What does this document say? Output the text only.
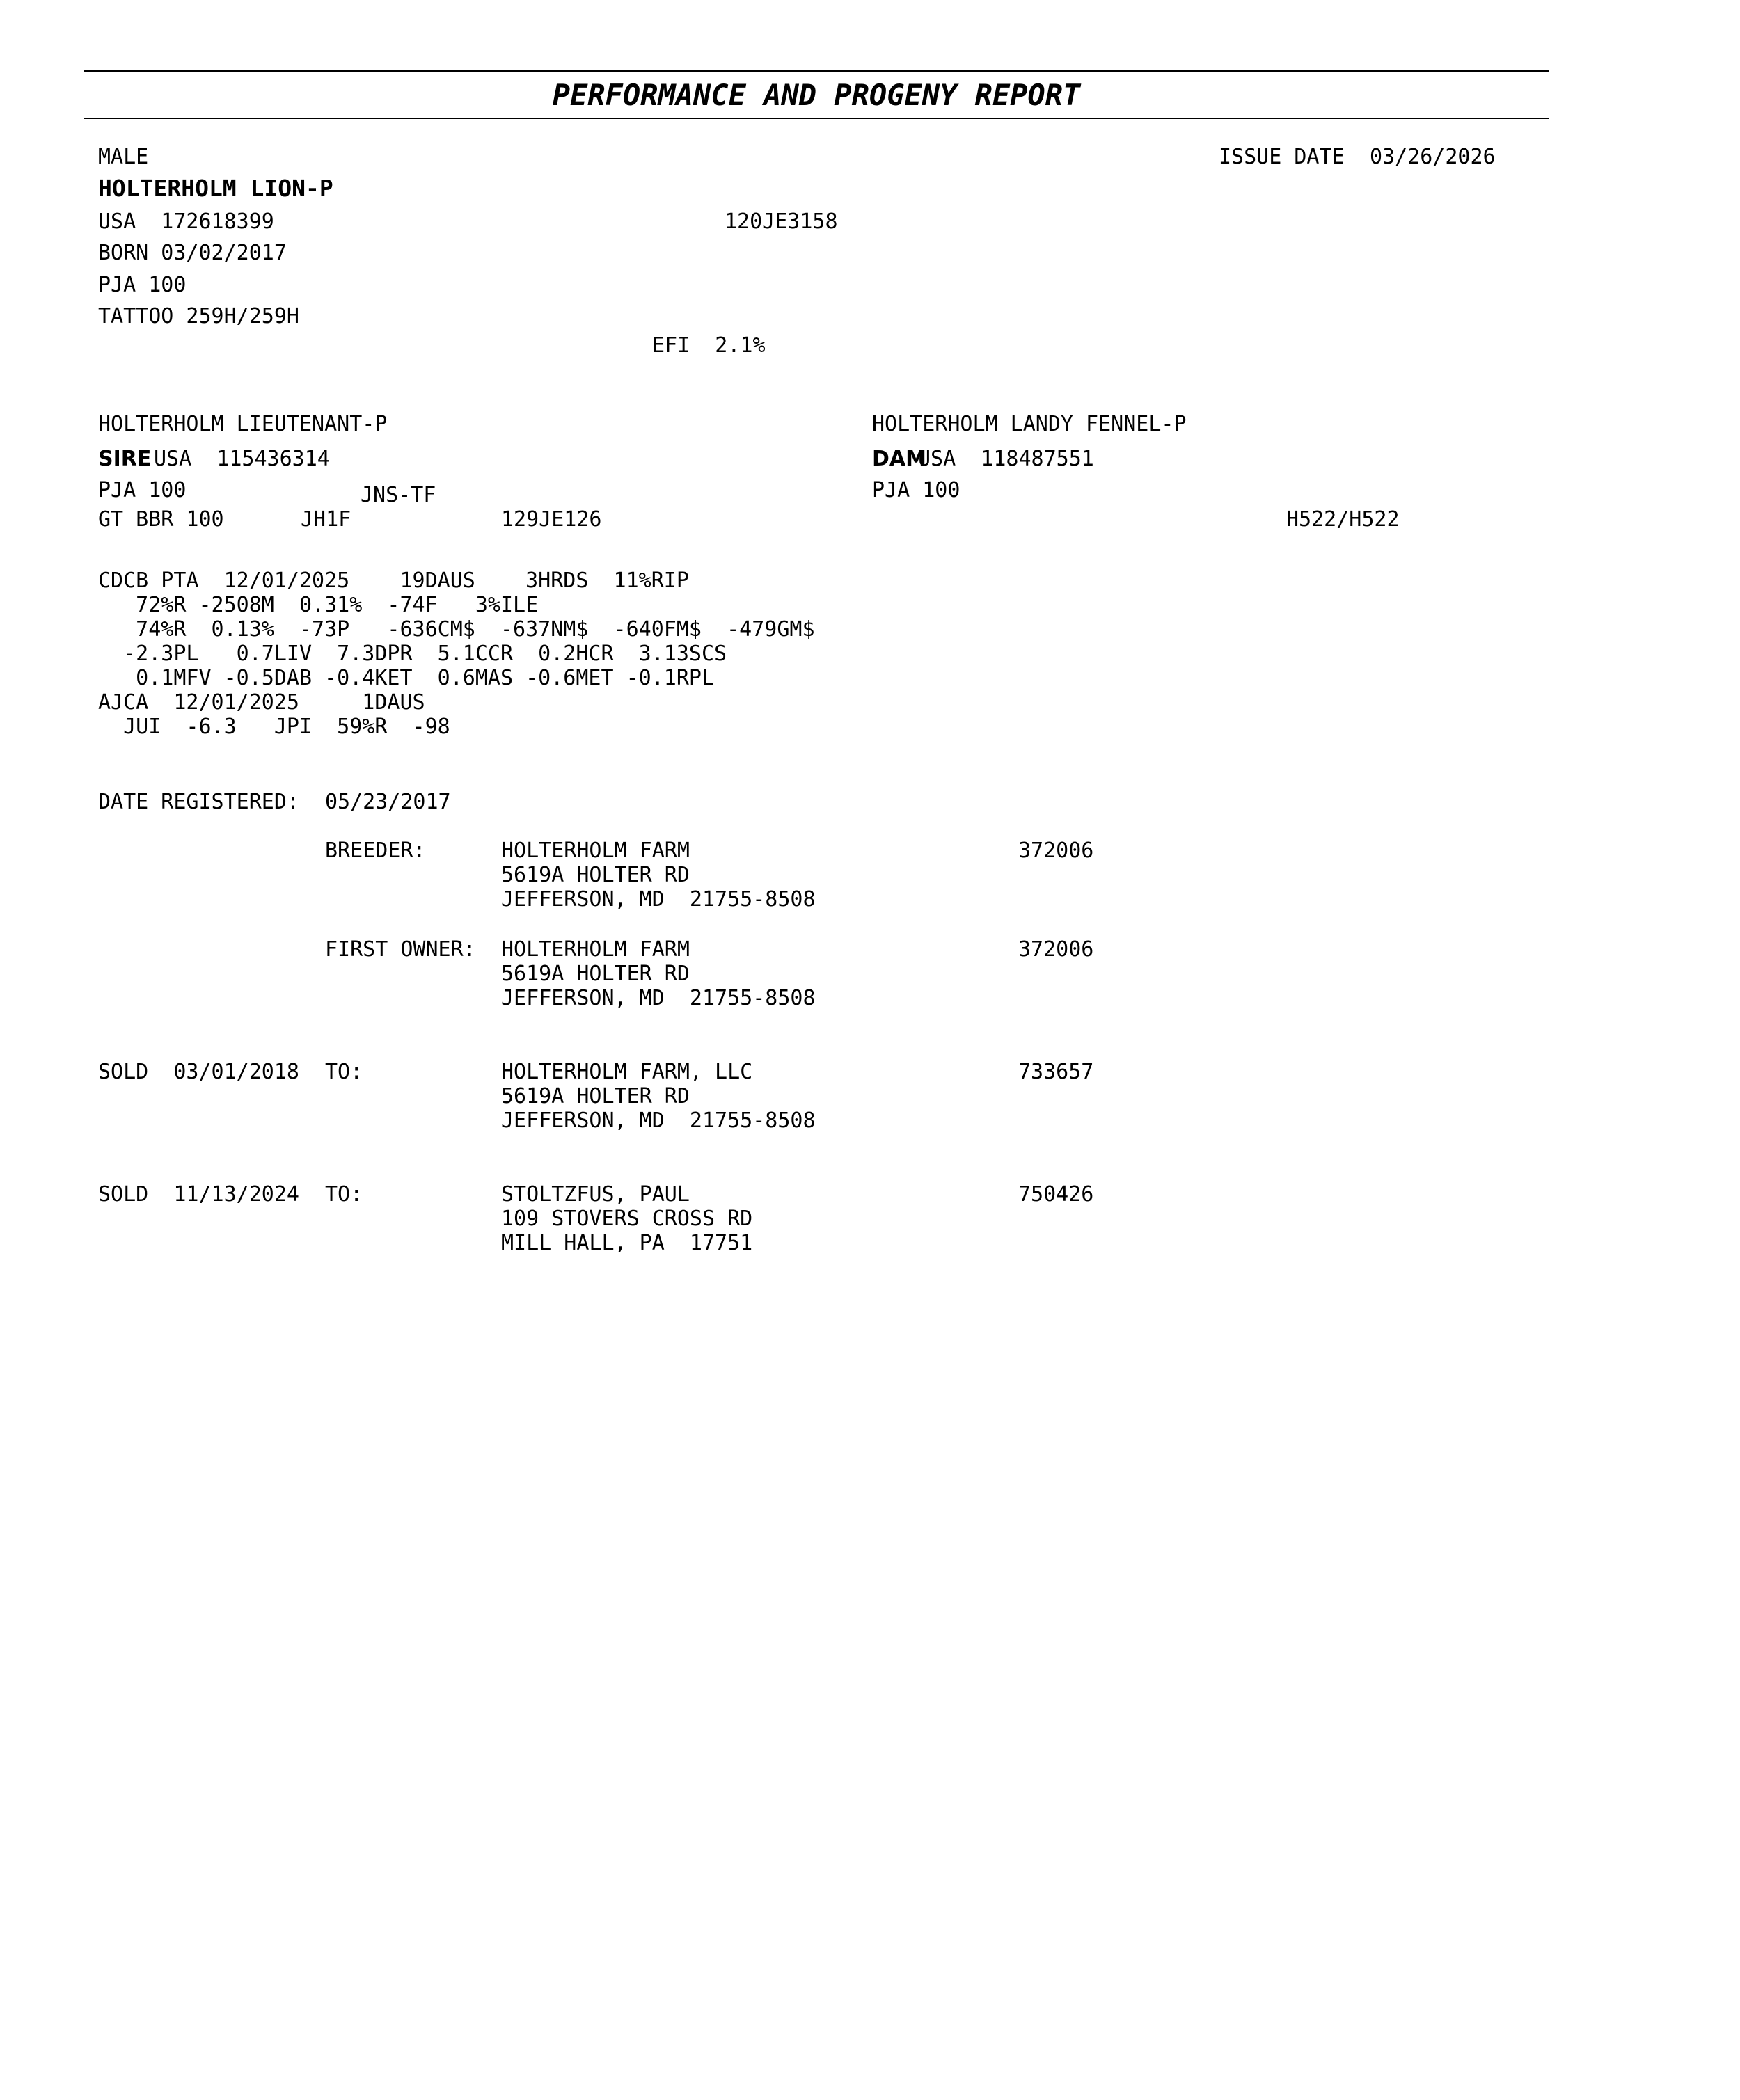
PERFORMANCE AND PROGENY REPORT
MALE	ISSUE DATE 03/26/2026
HOLTERHOLM LION-P
USA  172618399	120JE3158
BORN 03/02/2017
PJA 100
TATTOO 259H/259H
EFI  2.1%
HOLTERHOLM LIEUTENANT-P
SIRE USA  115436314
PJA 100	JNS-TF
GT BBR 100	JH1F	129JE126
HOLTERHOLM LANDY FENNEL-P
DAM
USA  118487551
PJA 100
H522/H522
CDCB PTA  12/01/2025    19DAUS    3HRDS  11%RIP
72%R -2508M  0.31%  -74F   3%ILE
74%R  0.13%  -73P   -636CM$  -637NM$  -640FM$  -479GM$
-2.3PL   0.7LIV  7.3DPR  5.1CCR  0.2HCR  3.13SCS
0.1MFV -0.5DAB -0.4KET  0.6MAS -0.6MET -0.1RPL
AJCA  12/01/2025     1DAUS
JUI  -6.3   JPI  59%R  -98
DATE REGISTERED: 05/23/2017
BREEDER:	HOLTERHOLM FARM
5619A HOLTER RD
JEFFERSON, MD  21755-8508
372006
FIRST OWNER: HOLTERHOLM FARM
5619A HOLTER RD
JEFFERSON, MD  21755-8508
372006
SOLD  03/01/2018 TO:	HOLTERHOLM FARM, LLC
5619A HOLTER RD
JEFFERSON, MD  21755-8508
733657
SOLD  11/13/2024 TO:	STOLTZFUS, PAUL
109 STOVERS CROSS RD
MILL HALL, PA  17751
750426
